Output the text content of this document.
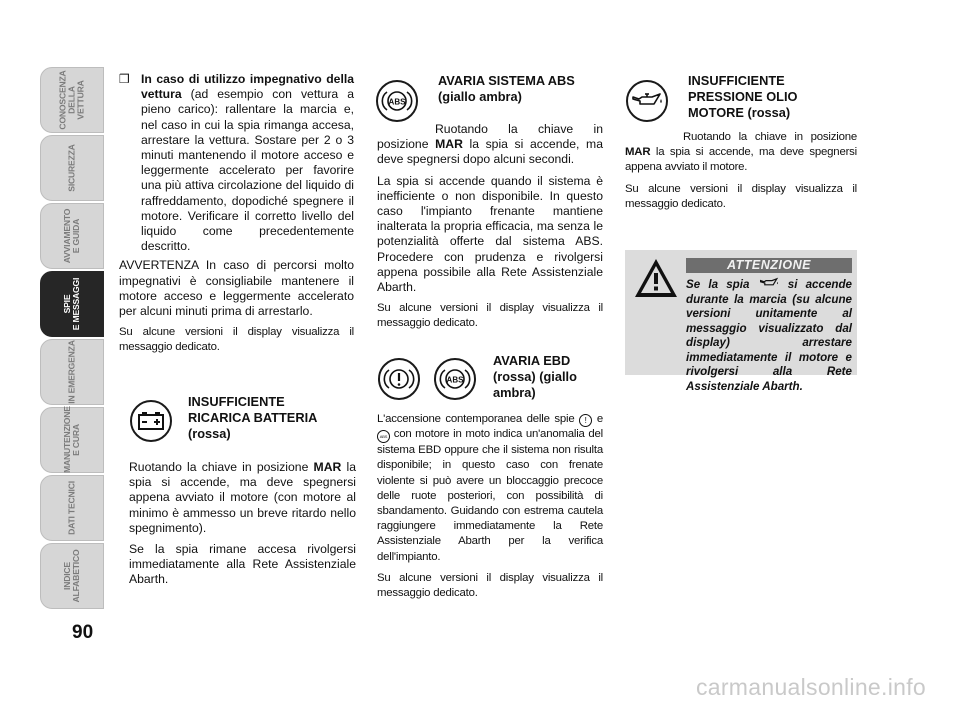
CONOSCENZA
DELLA VETTURA
SICUREZZA
AVVIAMENTO
E GUIDA
SPIE
E MESSAGGI
IN EMERGENZA
MANUTENZIONE
E CURA
DATI TECNICI
INDICE
ALFABETICO
90
❒ In caso di utilizzo impegnativo della vettura (ad esempio con vettura a pieno carico): rallentare la marcia e, nel caso in cui la spia rimanga accesa, arrestare la vettura. Sostare per 2 o 3 minuti mantenendo il motore acceso e leggermente accelerato per favorire una più attiva circolazione del liquido di raffreddamento, dopodiché spegnere il motore. Verificare il corretto livello del liquido come precedentemente descritto.

AVVERTENZA In caso di percorsi molto impegnativi è consigliabile mantenere il motore acceso e leggermente accelerato per alcuni minuti prima di arrestarlo.

Su alcune versioni il display visualizza il messaggio dedicato.

INSUFFICIENTE RICARICA BATTERIA (rossa)

Ruotando la chiave in posizione MAR la spia si accende, ma deve spegnersi appena avviato il motore (con motore al minimo è ammesso un breve ritardo nello spegnimento).

Se la spia rimane accesa rivolgersi immediatamente alla Rete Assistenziale Abarth.

ABS
AVARIA SISTEMA ABS (giallo ambra)

Ruotando la chiave in posizione MAR la spia si accende, ma deve spegnersi dopo alcuni secondi.

La spia si accende quando il sistema è inefficiente o non disponibile. In questo caso l'impianto frenante mantiene inalterata la propria efficacia, ma senza le potenzialità offerte dal sistema ABS. Procedere con prudenza e rivolgersi appena possibile alla Rete Assistenziale Abarth.

Su alcune versioni il display visualizza il messaggio dedicato.

ABS
AVARIA EBD (rossa) (giallo ambra)

L'accensione contemporanea delle spie ! e ABS con motore in moto indica un'anomalia del sistema EBD oppure che il sistema non risulta disponibile; in questo caso con frenate violente si può avere un bloccaggio precoce delle ruote posteriori, con possibilità di sbandamento. Guidando con estrema cautela raggiungere immediatamente la Rete Assistenziale Abarth per la verifica dell'impianto.

Su alcune versioni il display visualizza il messaggio dedicato.

INSUFFICIENTE PRESSIONE OLIO MOTORE (rossa)

Ruotando la chiave in posizione MAR la spia si accende, ma deve spegnersi appena avviato il motore.

Su alcune versioni il display visualizza il messaggio dedicato.

ATTENZIONE
Se la spia  si accende durante la marcia (su alcune versioni unitamente al messaggio visualizzato dal display) arrestare immediatamente il motore e rivolgersi alla Rete Assistenziale Abarth.
carmanualsonline.info
